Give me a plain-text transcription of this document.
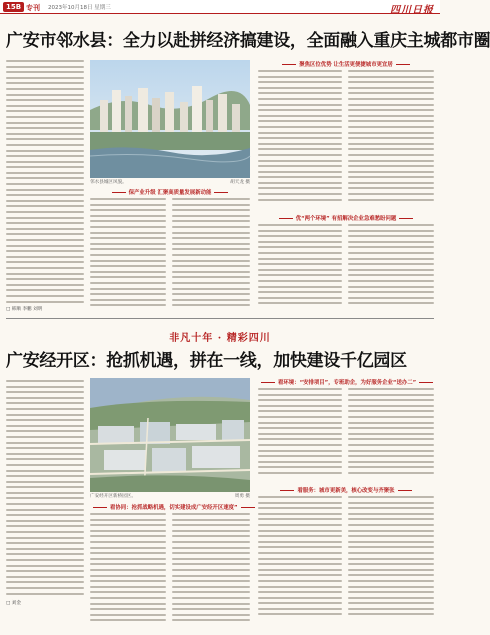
15B 专刊 2023年10月18日 星期三	四川日报
广安市邻水县：全力以赴拼经济搞建设，全面融入重庆主城都市圈
□ 韩顺 李鹏 刘明
邻水县城区风貌。	胡天龙 摄
聚焦区位优势 让生活更便捷城市更宜居
保产业升级 汇聚高质量发展新动能
优“两个环境” 有招解决企业急难愁盼问题
非凡十年 · 精彩四川
广安经开区：抢抓机遇，拼在一线，加快建设千亿园区
□ 刘金
广安经开区新桥园区。	周勇 摄
看环境：“安排项目”，专班助企，为好服务企业“送办二”
看协同：抢抓战略机遇，切实建设成广安经开区速度”
看服务：城市更新美，核心改变与齐聚张
